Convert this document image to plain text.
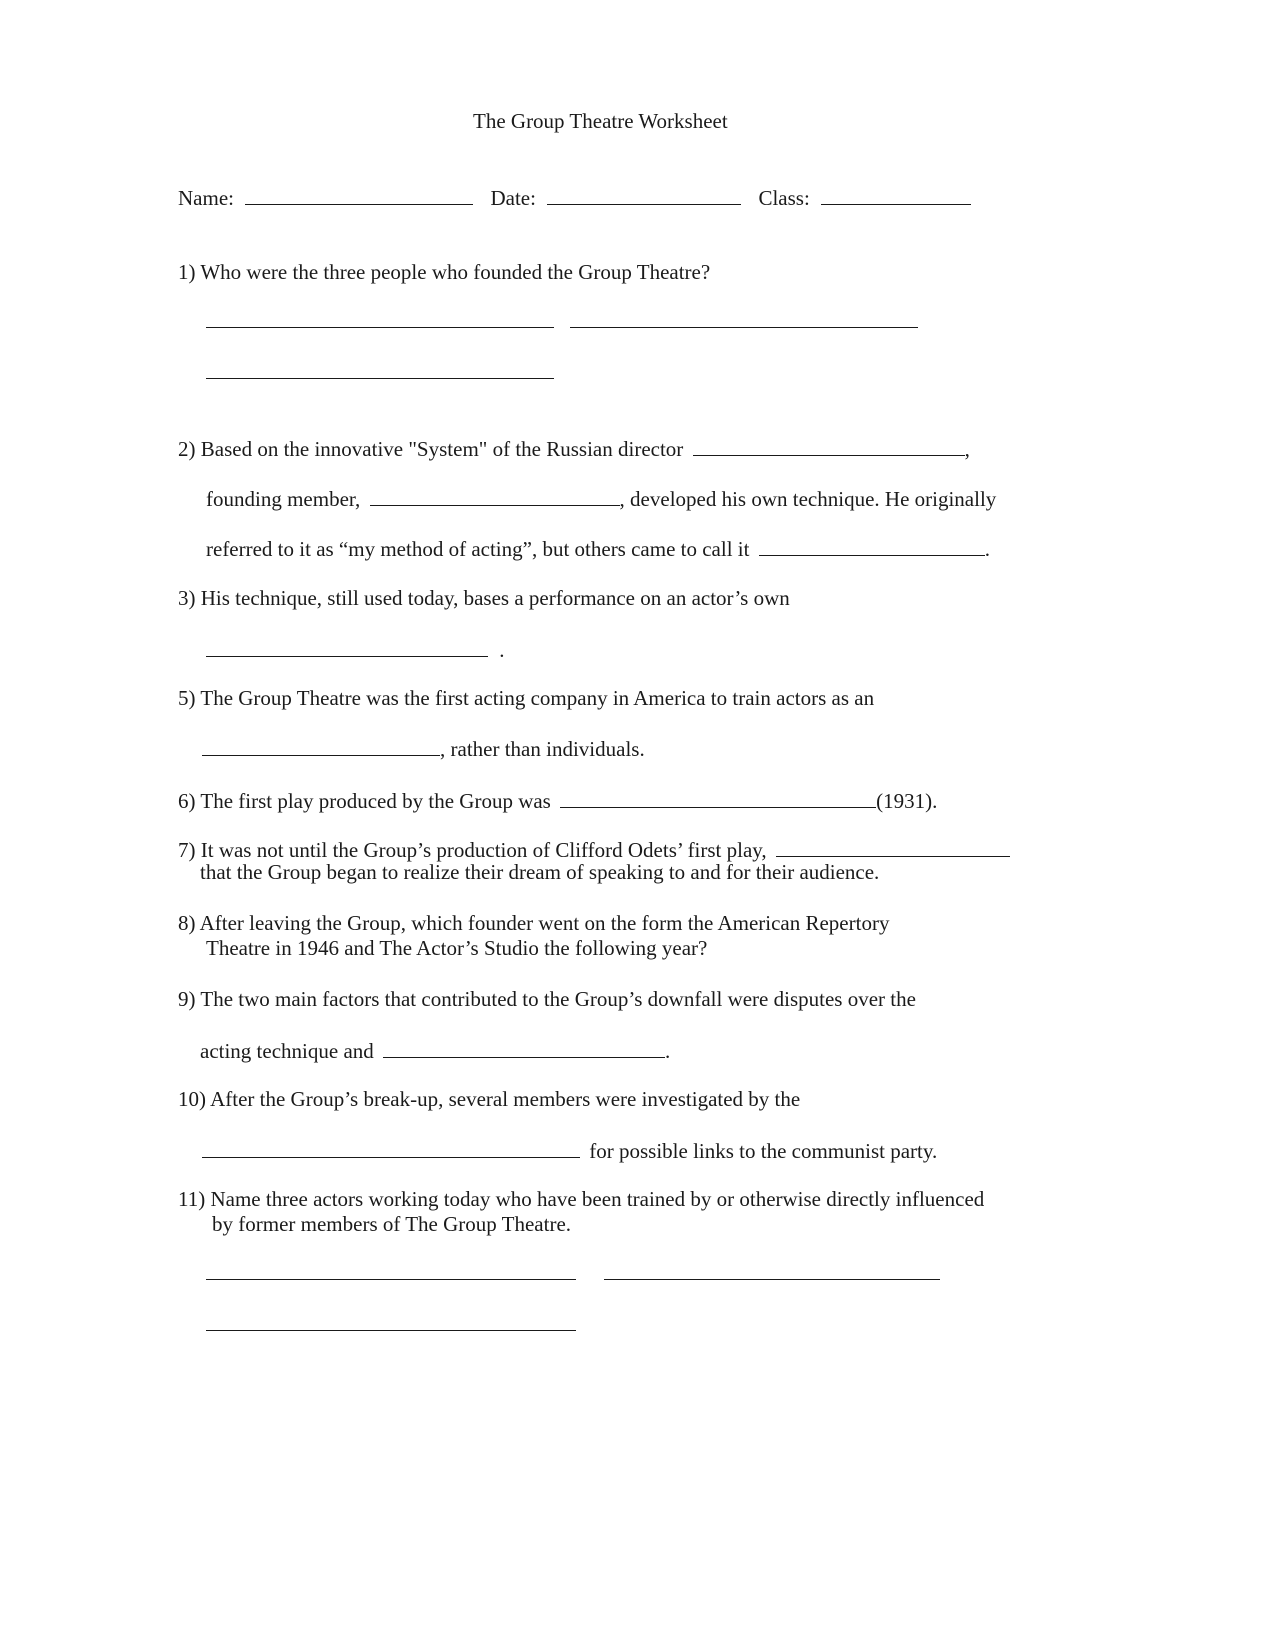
The Group Theatre Worksheet
Name:	Date:	Class:
1) Who were the three people who founded the Group Theatre?
2) Based on the innovative "System" of the Russian director	,
founding member,	, developed his own technique. He originally
referred to it as “my method of acting”, but others came to call it	.
3) His technique, still used today, bases a performance on an actor’s own
.
5) The Group Theatre was the first acting company in America to train actors as an
, rather than individuals.
6) The first play produced by the Group was	(1931).
7) It was not until the Group’s production of Clifford Odets’ first play,
that the Group began to realize their dream of speaking to and for their audience.
8) After leaving the Group, which founder went on the form the American Repertory
Theatre in 1946 and The Actor’s Studio the following year?
9) The two main factors that contributed to the Group’s downfall were disputes over the
acting technique and	.
10) After the Group’s break-up, several members were investigated by the
for possible links to the communist party.
11) Name three actors working today who have been trained by or otherwise directly influenced
by former members of The Group Theatre.
